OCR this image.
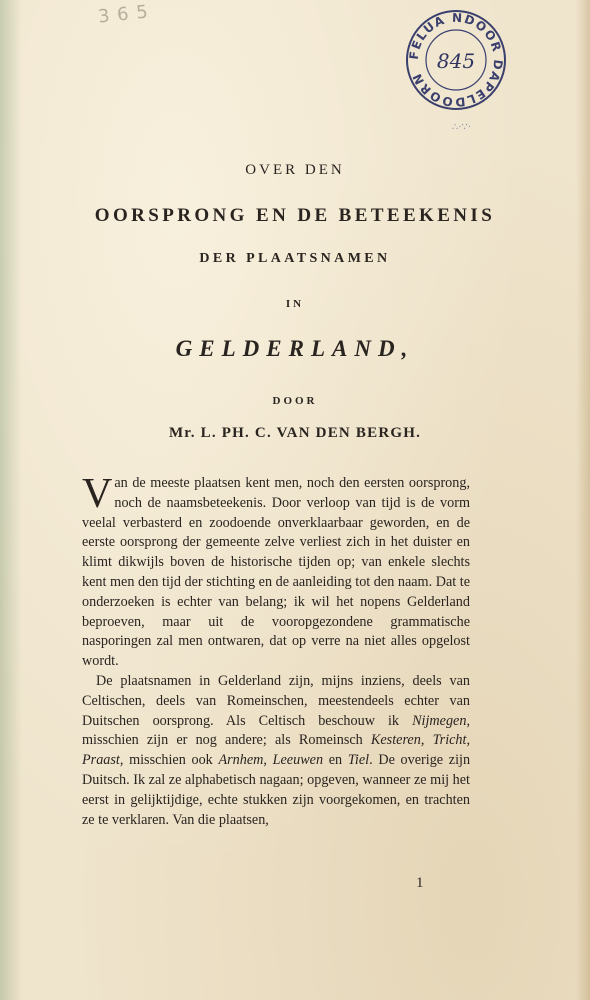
3 6 5
FELUA NDOOR DAPELDOORN
845
∴·∵·
OVER DEN
OORSPRONG EN DE BETEEKENIS
DER PLAATSNAMEN
IN
GELDERLAND,
DOOR
Mr. L. PH. C. VAN DEN BERGH.

Van de meeste plaatsen kent men, noch den eersten oorsprong, noch de naamsbeteekenis. Door verloop van tijd is de vorm veelal verbasterd en zoodoende onverklaarbaar geworden, en de eerste oorsprong der gemeente zelve verliest zich in het duister en klimt dikwijls boven de historische tijden op; van enkele slechts kent men den tijd der stichting en de aanleiding tot den naam. Dat te onderzoeken is echter van belang; ik wil het nopens Gelderland beproeven, maar uit de vooropgezondene grammatische nasporingen zal men ontwaren, dat op verre na niet alles opgelost wordt.

De plaatsnamen in Gelderland zijn, mijns inziens, deels van Celtischen, deels van Romeinschen, meestendeels echter van Duitschen oorsprong. Als Celtisch beschouw ik Nijmegen, misschien zijn er nog andere; als Romeinsch Kesteren, Tricht, Praast, misschien ook Arnhem, Leeuwen en Tiel. De overige zijn Duitsch. Ik zal ze alphabetisch nagaan; opgeven, wanneer ze mij het eerst in gelijktijdige, echte stukken zijn voorgekomen, en trachten ze te verklaren. Van die plaatsen,

1
